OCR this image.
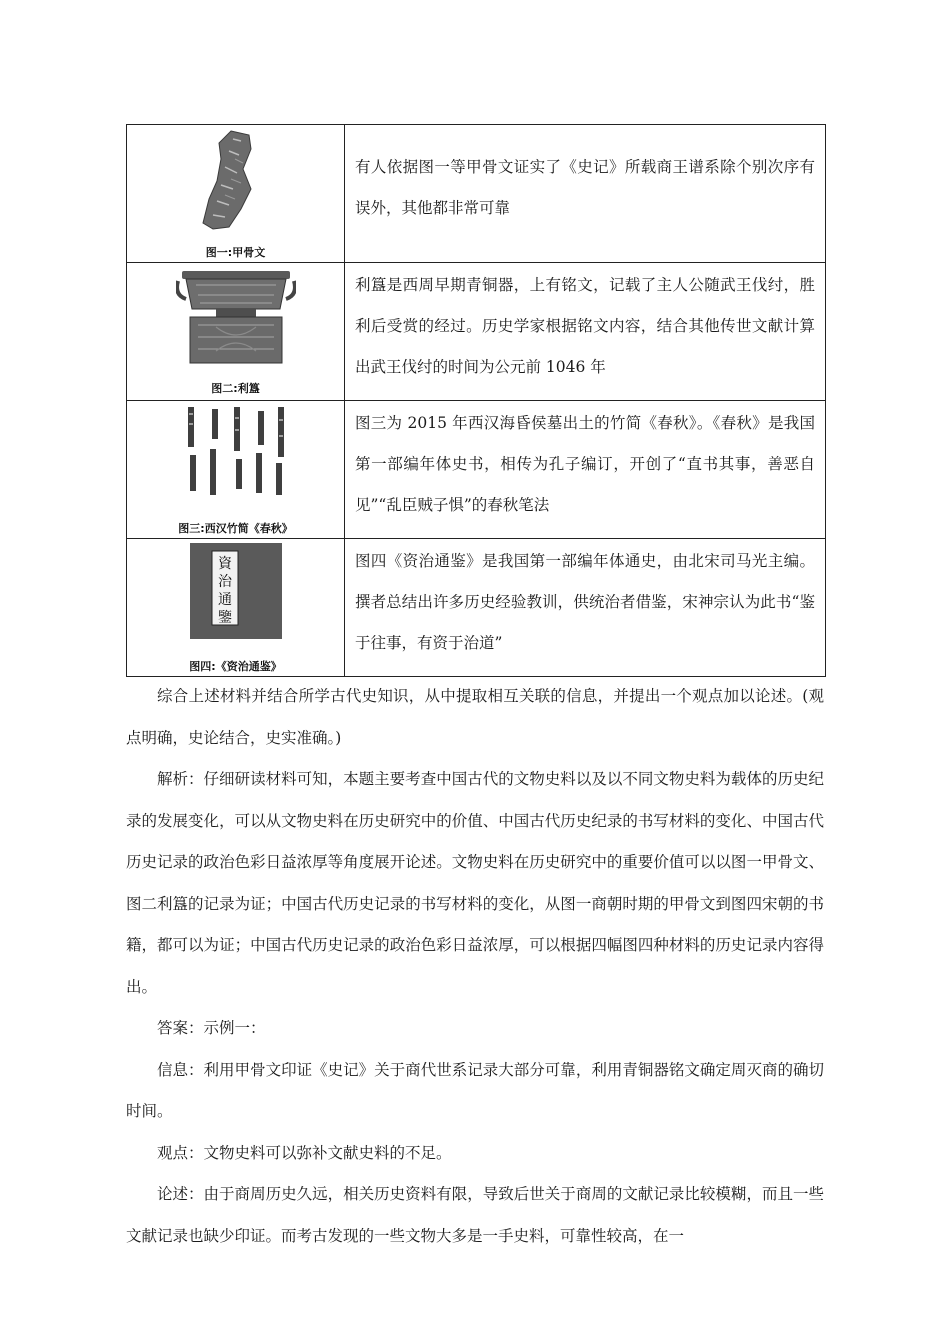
图一:甲骨文	有人依据图一等甲骨文证实了《史记》所载商王谱系除个别次序有误外，其他都非常可靠

图二:利簋	利簋是西周早期青铜器，上有铭文，记载了主人公随武王伐纣，胜利后受赏的经过。历史学家根据铭文内容，结合其他传世文献计算出武王伐纣的时间为公元前 1046 年

图三:西汉竹简《春秋》	图三为 2015 年西汉海昏侯墓出土的竹简《春秋》。《春秋》是我国第一部编年体史书，相传为孔子编订，开创了“直书其事，善恶自见”“乱臣贼子惧”的春秋笔法

資
治
通
鑒
图四:《资治通鉴》	图四《资治通鉴》是我国第一部编年体通史，由北宋司马光主编。撰者总结出许多历史经验教训，供统治者借鉴，宋神宗认为此书“鉴于往事，有资于治道”

综合上述材料并结合所学古代史知识，从中提取相互关联的信息，并提出一个观点加以论述。(观点明确，史论结合，史实准确。)

解析：仔细研读材料可知，本题主要考查中国古代的文物史料以及以不同文物史料为载体的历史纪录的发展变化，可以从文物史料在历史研究中的价值、中国古代历史纪录的书写材料的变化、中国古代历史记录的政治色彩日益浓厚等角度展开论述。文物史料在历史研究中的重要价值可以以图一甲骨文、图二利簋的记录为证；中国古代历史记录的书写材料的变化，从图一商朝时期的甲骨文到图四宋朝的书籍，都可以为证；中国古代历史记录的政治色彩日益浓厚，可以根据四幅图四种材料的历史记录内容得出。

答案：示例一：

信息：利用甲骨文印证《史记》关于商代世系记录大部分可靠，利用青铜器铭文确定周灭商的确切时间。

观点：文物史料可以弥补文献史料的不足。

论述：由于商周历史久远，相关历史资料有限，导致后世关于商周的文献记录比较模糊，而且一些文献记录也缺少印证。而考古发现的一些文物大多是一手史料，可靠性较高，在一
